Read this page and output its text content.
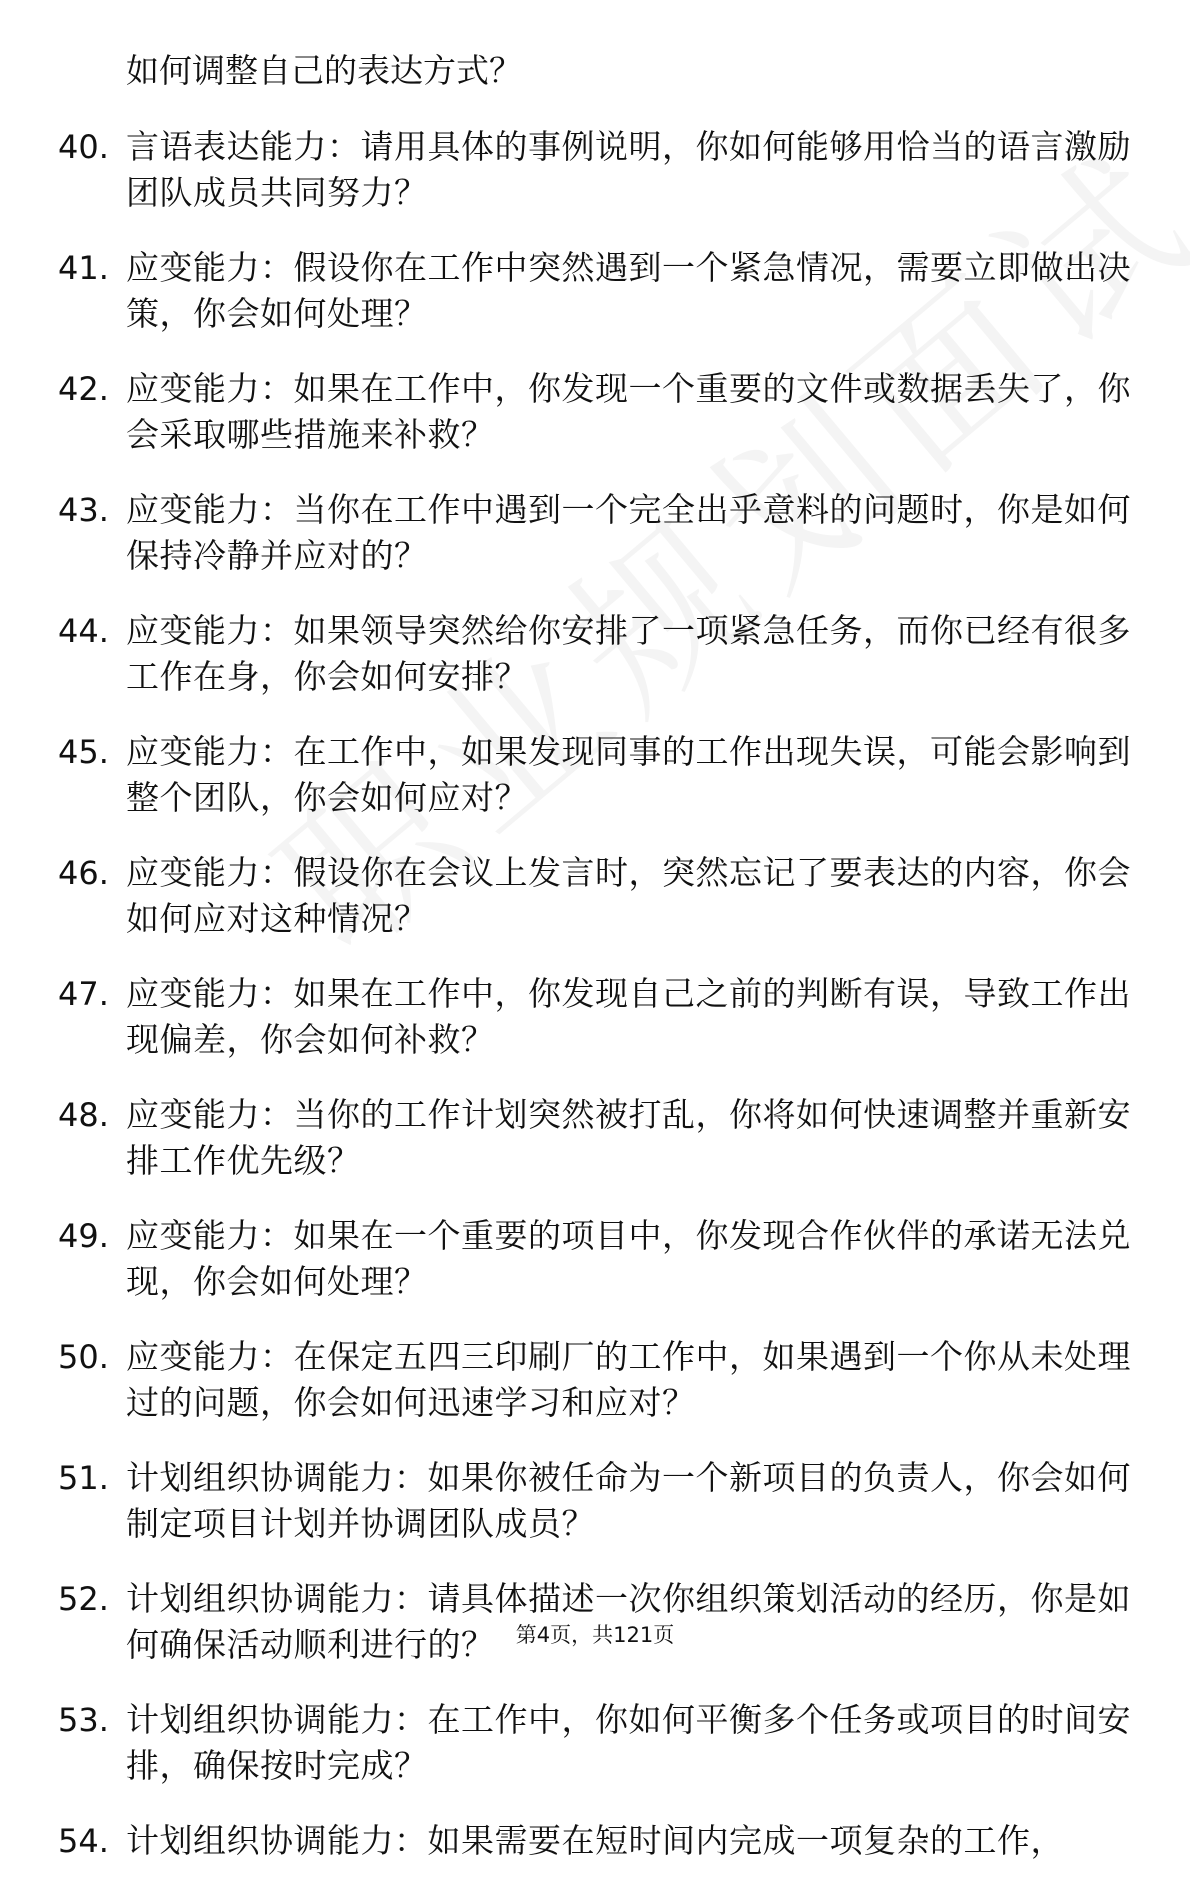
如何调整自己的表达方式？
40. 言语表达能力：请用具体的事例说明，你如何能够用恰当的语言激励团队成员共同努力？
41. 应变能力：假设你在工作中突然遇到一个紧急情况，需要立即做出决策，你会如何处理？
42. 应变能力：如果在工作中，你发现一个重要的文件或数据丢失了，你会采取哪些措施来补救？
43. 应变能力：当你在工作中遇到一个完全出乎意料的问题时，你是如何保持冷静并应对的？
44. 应变能力：如果领导突然给你安排了一项紧急任务，而你已经有很多工作在身，你会如何安排？
45. 应变能力：在工作中，如果发现同事的工作出现失误，可能会影响到整个团队，你会如何应对？
46. 应变能力：假设你在会议上发言时，突然忘记了要表达的内容，你会如何应对这种情况？
47. 应变能力：如果在工作中，你发现自己之前的判断有误，导致工作出现偏差，你会如何补救？
48. 应变能力：当你的工作计划突然被打乱，你将如何快速调整并重新安排工作优先级？
49. 应变能力：如果在一个重要的项目中，你发现合作伙伴的承诺无法兑现，你会如何处理？
50. 应变能力：在保定五四三印刷厂的工作中，如果遇到一个你从未处理过的问题，你会如何迅速学习和应对？
51. 计划组织协调能力：如果你被任命为一个新项目的负责人，你会如何制定项目计划并协调团队成员？
52. 计划组织协调能力：请具体描述一次你组织策划活动的经历，你是如何确保活动顺利进行的？
53. 计划组织协调能力：在工作中，你如何平衡多个任务或项目的时间安排，确保按时完成？
54. 计划组织协调能力：如果需要在短时间内完成一项复杂的工作，
第4页，共121页
